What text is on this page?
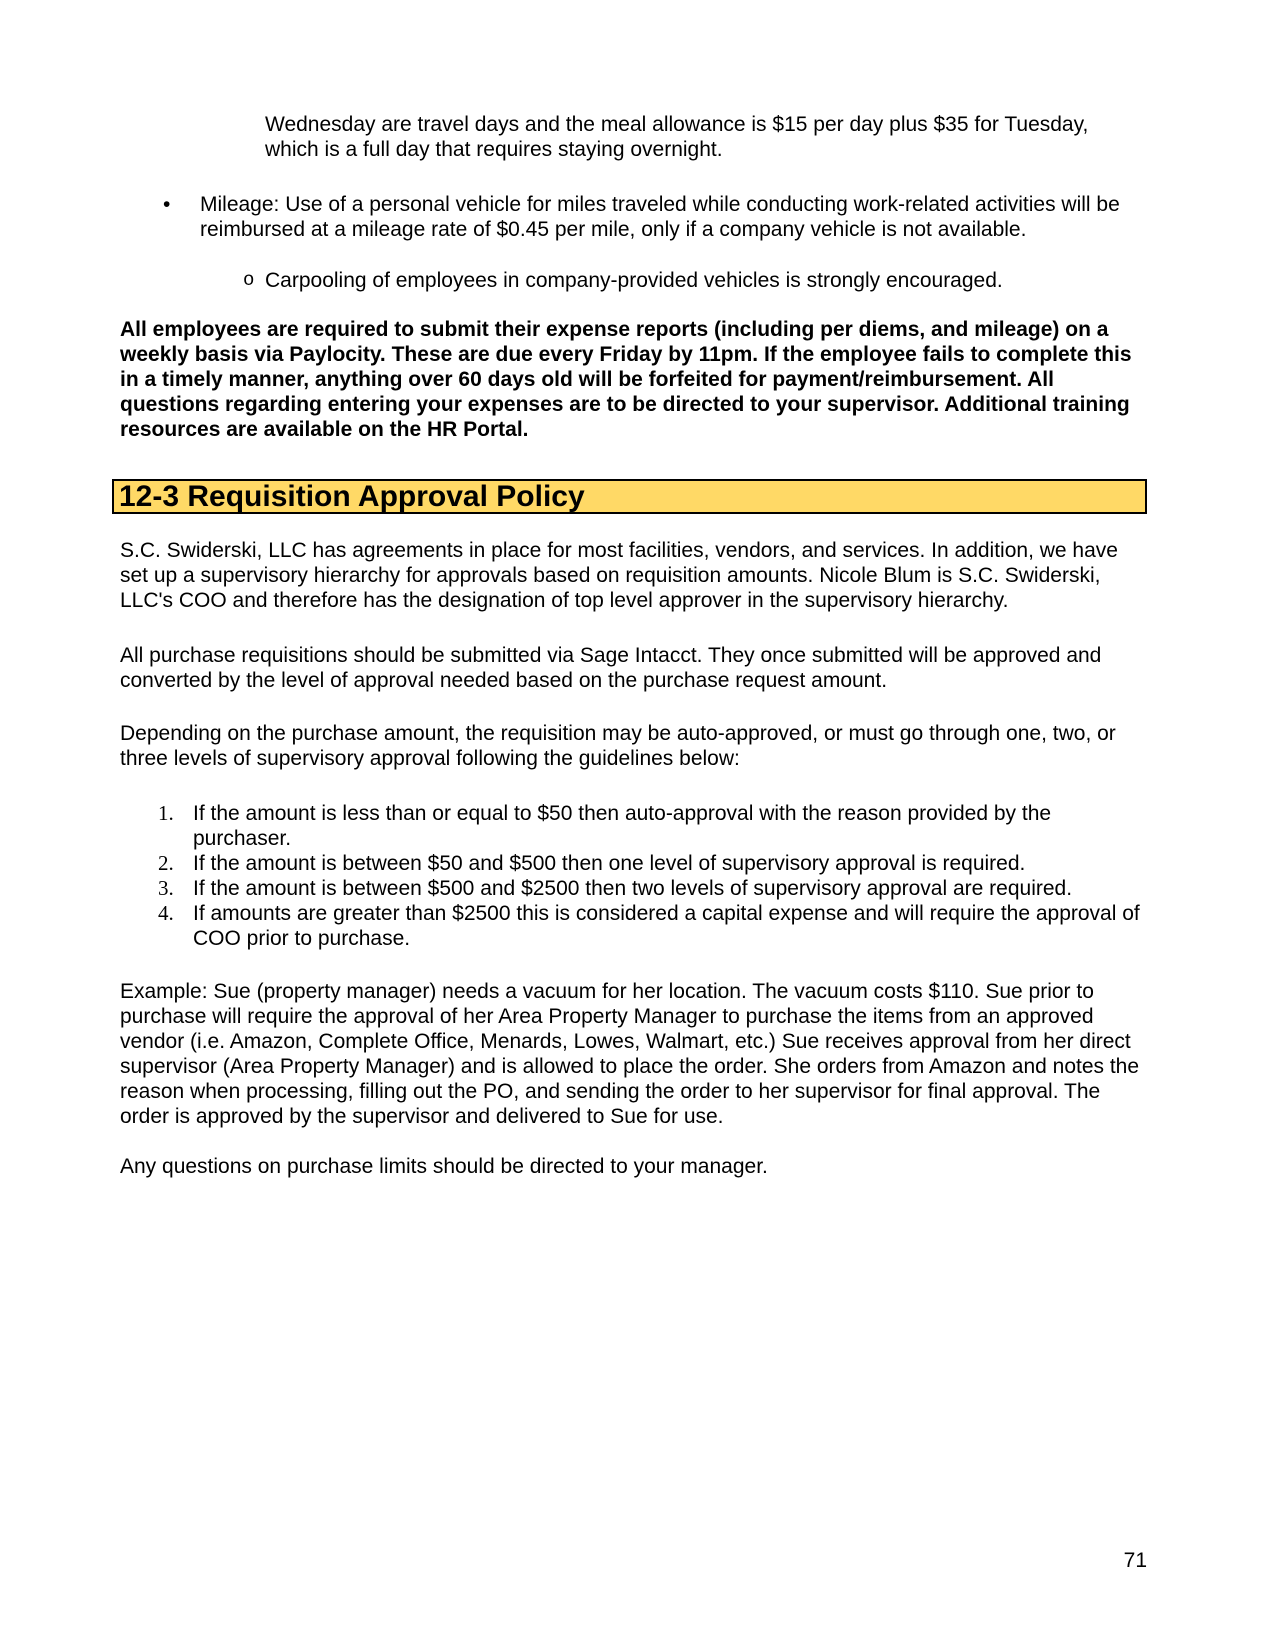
Wednesday are travel days and the meal allowance is $15 per day plus $35 for Tuesday, which is a full day that requires staying overnight.

• Mileage: Use of a personal vehicle for miles traveled while conducting work-related activities will be reimbursed at a mileage rate of $0.45 per mile, only if a company vehicle is not available.
o Carpooling of employees in company-provided vehicles is strongly encouraged.

All employees are required to submit their expense reports (including per diems, and mileage) on a weekly basis via Paylocity. These are due every Friday by 11pm. If the employee fails to complete this in a timely manner, anything over 60 days old will be forfeited for payment/reimbursement. All questions regarding entering your expenses are to be directed to your supervisor. Additional training resources are available on the HR Portal.

12-3 Requisition Approval Policy

S.C. Swiderski, LLC has agreements in place for most facilities, vendors, and services. In addition, we have set up a supervisory hierarchy for approvals based on requisition amounts. Nicole Blum is S.C. Swiderski, LLC's COO and therefore has the designation of top level approver in the supervisory hierarchy.

All purchase requisitions should be submitted via Sage Intacct. They once submitted will be approved and converted by the level of approval needed based on the purchase request amount.

Depending on the purchase amount, the requisition may be auto-approved, or must go through one, two, or three levels of supervisory approval following the guidelines below:

1. If the amount is less than or equal to $50 then auto-approval with the reason provided by the purchaser.
2. If the amount is between $50 and $500 then one level of supervisory approval is required.
3. If the amount is between $500 and $2500 then two levels of supervisory approval are required.
4. If amounts are greater than $2500 this is considered a capital expense and will require the approval of COO prior to purchase.

Example: Sue (property manager) needs a vacuum for her location. The vacuum costs $110. Sue prior to purchase will require the approval of her Area Property Manager to purchase the items from an approved vendor (i.e. Amazon, Complete Office, Menards, Lowes, Walmart, etc.) Sue receives approval from her direct supervisor (Area Property Manager) and is allowed to place the order. She orders from Amazon and notes the reason when processing, filling out the PO, and sending the order to her supervisor for final approval. The order is approved by the supervisor and delivered to Sue for use.

Any questions on purchase limits should be directed to your manager.

71
